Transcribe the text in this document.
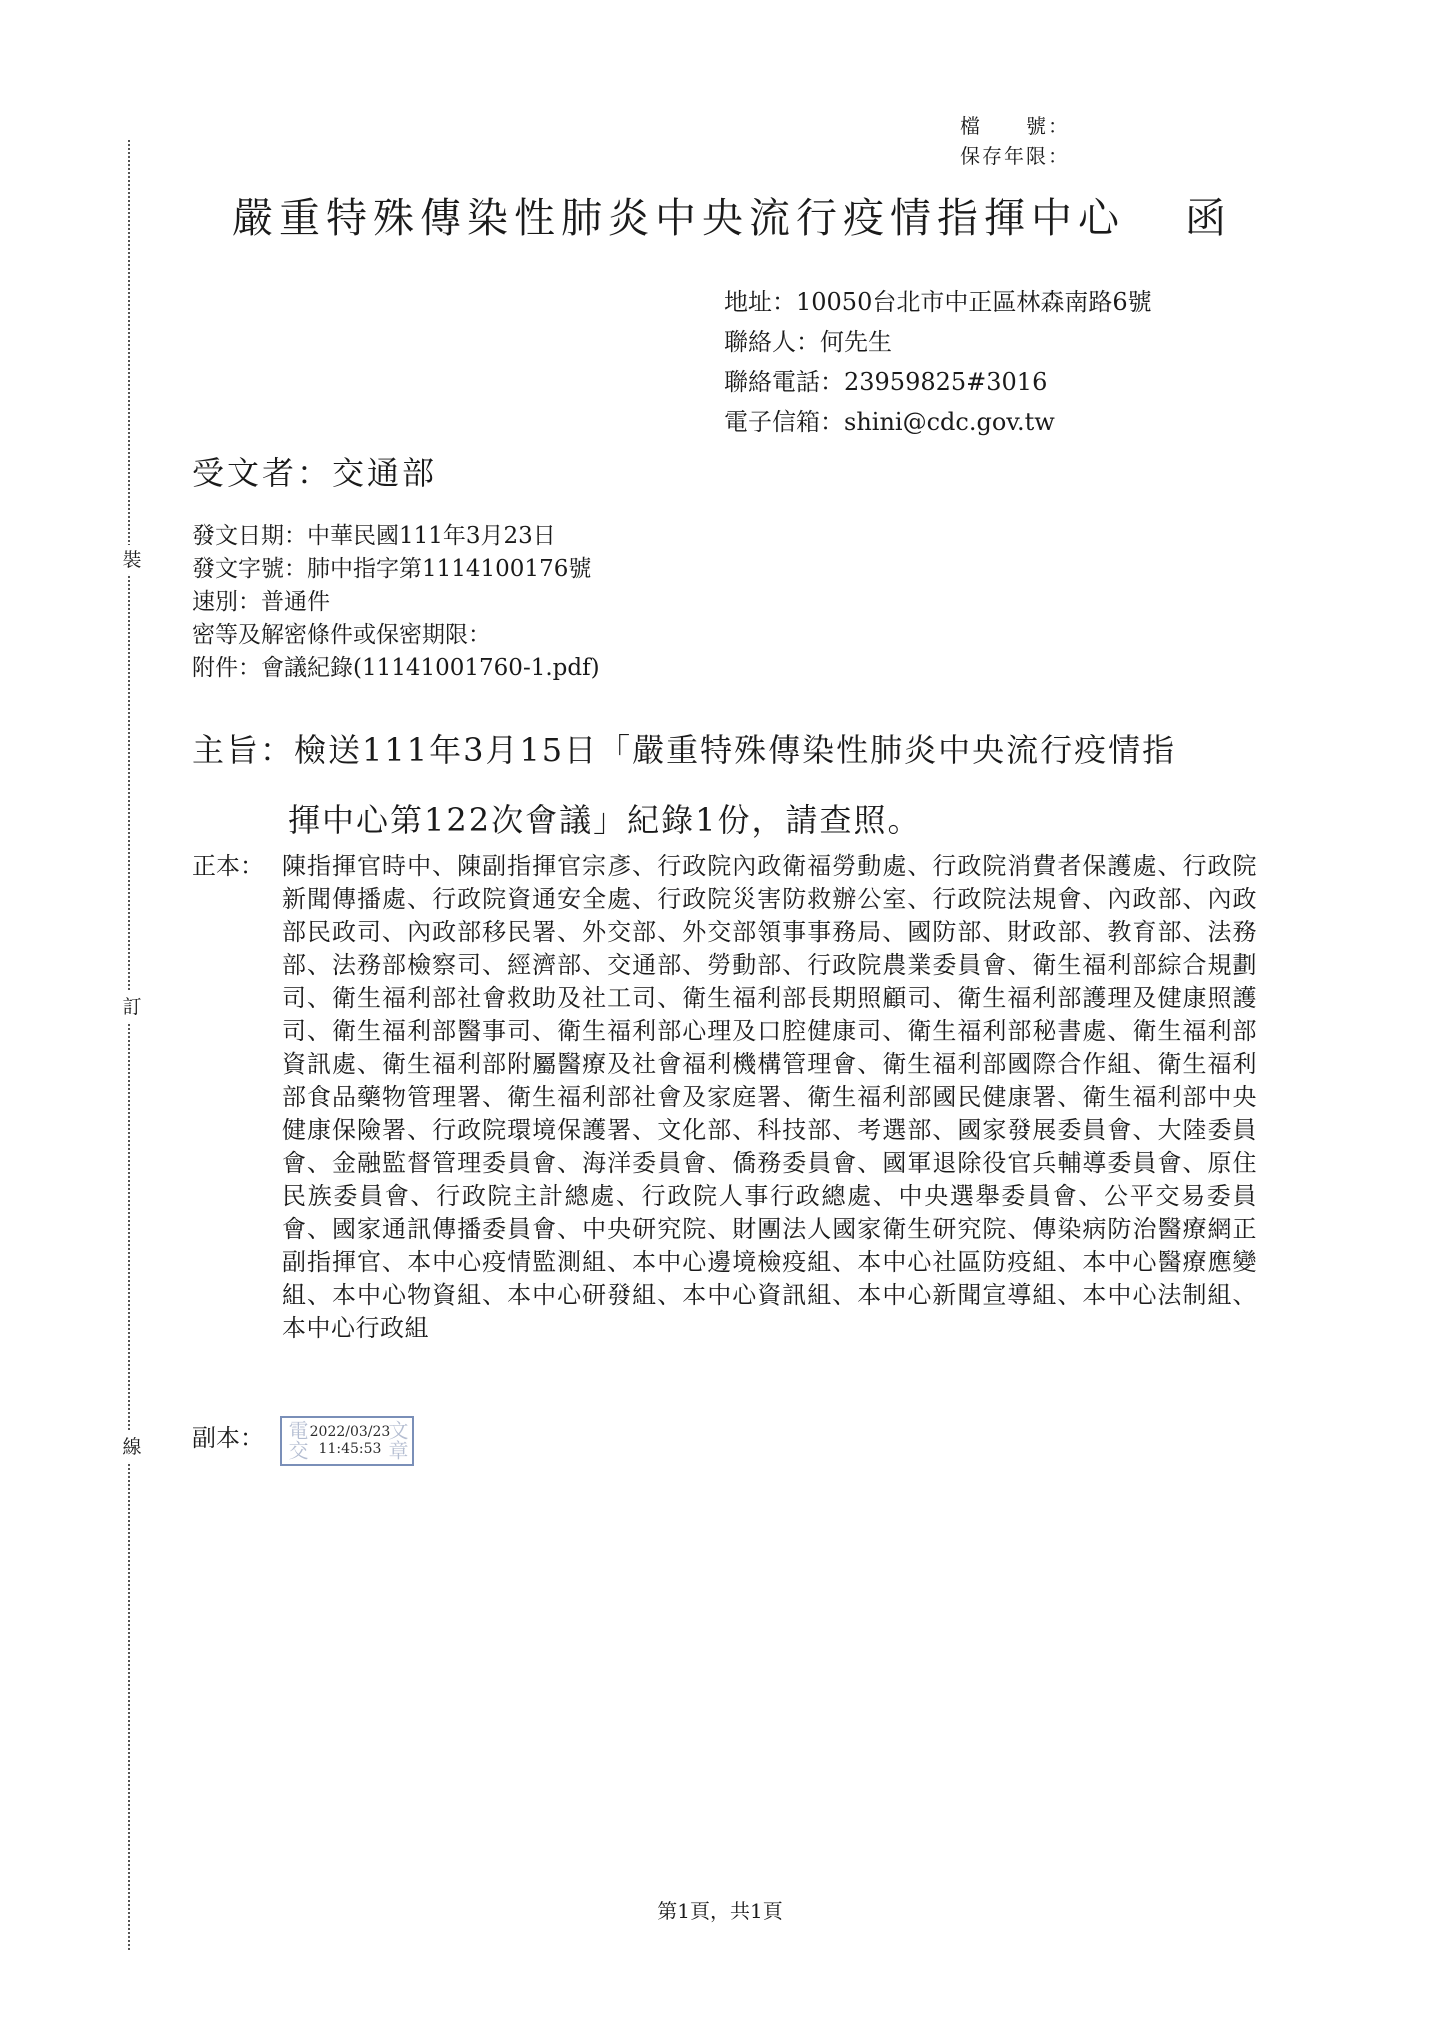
裝
訂
線
檔　　號：
保存年限：
嚴重特殊傳染性肺炎中央流行疫情指揮中心 函
地址：10050台北市中正區林森南路6號
聯絡人：何先生
聯絡電話：23959825#3016
電子信箱：shini@cdc.gov.tw
受文者：交通部
發文日期：中華民國111年3月23日
發文字號：肺中指字第1114100176號
速別：普通件
密等及解密條件或保密期限：
附件：會議紀錄(11141001760-1.pdf)
主旨：檢送111年3月15日「嚴重特殊傳染性肺炎中央流行疫情指
揮中心第122次會議」紀錄1份，請查照。
正本： 陳指揮官時中、陳副指揮官宗彥、行政院內政衛福勞動處、行政院消費者保護處、行政院新聞傳播處、行政院資通安全處、行政院災害防救辦公室、行政院法規會、內政部、內政部民政司、內政部移民署、外交部、外交部領事事務局、國防部、財政部、教育部、法務部、法務部檢察司、經濟部、交通部、勞動部、行政院農業委員會、衛生福利部綜合規劃司、衛生福利部社會救助及社工司、衛生福利部長期照顧司、衛生福利部護理及健康照護司、衛生福利部醫事司、衛生福利部心理及口腔健康司、衛生福利部秘書處、衛生福利部資訊處、衛生福利部附屬醫療及社會福利機構管理會、衛生福利部國際合作組、衛生福利部食品藥物管理署、衛生福利部社會及家庭署、衛生福利部國民健康署、衛生福利部中央健康保險署、行政院環境保護署、文化部、科技部、考選部、國家發展委員會、大陸委員會、金融監督管理委員會、海洋委員會、僑務委員會、國軍退除役官兵輔導委員會、原住民族委員會、行政院主計總處、行政院人事行政總處、中央選舉委員會、公平交易委員會、國家通訊傳播委員會、中央研究院、財團法人國家衛生研究院、傳染病防治醫療網正副指揮官、本中心疫情監測組、本中心邊境檢疫組、本中心社區防疫組、本中心醫療應變組、本中心物資組、本中心研發組、本中心資訊組、本中心新聞宣導組、本中心法制組、本中心行政組
副本： 電交	文章
2022/03/23
11:45:53
第1頁，共1頁
